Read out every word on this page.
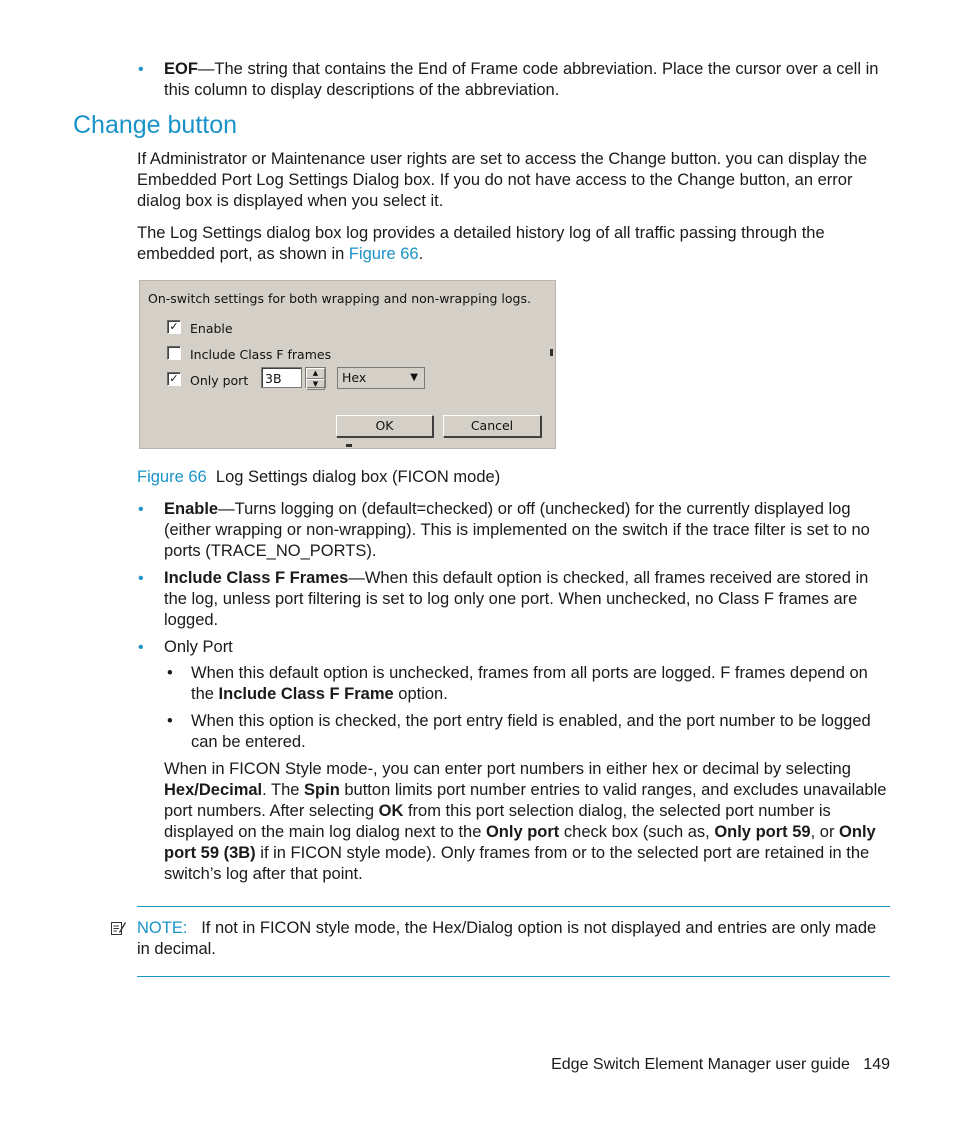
• EOF—The string that contains the End of Frame code abbreviation. Place the cursor over a cell in this column to display descriptions of the abbreviation.
Change button
If Administrator or Maintenance user rights are set to access the Change button. you can display the Embedded Port Log Settings Dialog box. If you do not have access to the Change button, an error dialog box is displayed when you select it.
The Log Settings dialog box log provides a detailed history log of all traffic passing through the embedded port, as shown in Figure 66.
On-switch settings for both wrapping and non-wrapping logs.
✓ Enable
Include Class F frames
✓ Only port	3B	▲
▼	Hex	▼
OK	Cancel
Figure 66 Log Settings dialog box (FICON mode)
• Enable—Turns logging on (default=checked) or off (unchecked) for the currently displayed log (either wrapping or non-wrapping). This is implemented on the switch if the trace filter is set to no ports (TRACE_NO_PORTS).
• Include Class F Frames—When this default option is checked, all frames received are stored in the log, unless port filtering is set to log only one port. When unchecked, no Class F frames are logged.
• Only Port
• When this default option is unchecked, frames from all ports are logged. F frames depend on the Include Class F Frame option.
• When this option is checked, the port entry field is enabled, and the port number to be logged can be entered.
When in FICON Style mode-, you can enter port numbers in either hex or decimal by selecting Hex/Decimal. The Spin button limits port number entries to valid ranges, and excludes unavailable port numbers. After selecting OK from this port selection dialog, the selected port number is displayed on the main log dialog next to the Only port check box (such as, Only port 59, or Only port 59 (3B) if in FICON style mode). Only frames from or to the selected port are retained in the switch’s log after that point.
NOTE: If not in FICON style mode, the Hex/Dialog option is not displayed and entries are only made in decimal.
Edge Switch Element Manager user guide 149
